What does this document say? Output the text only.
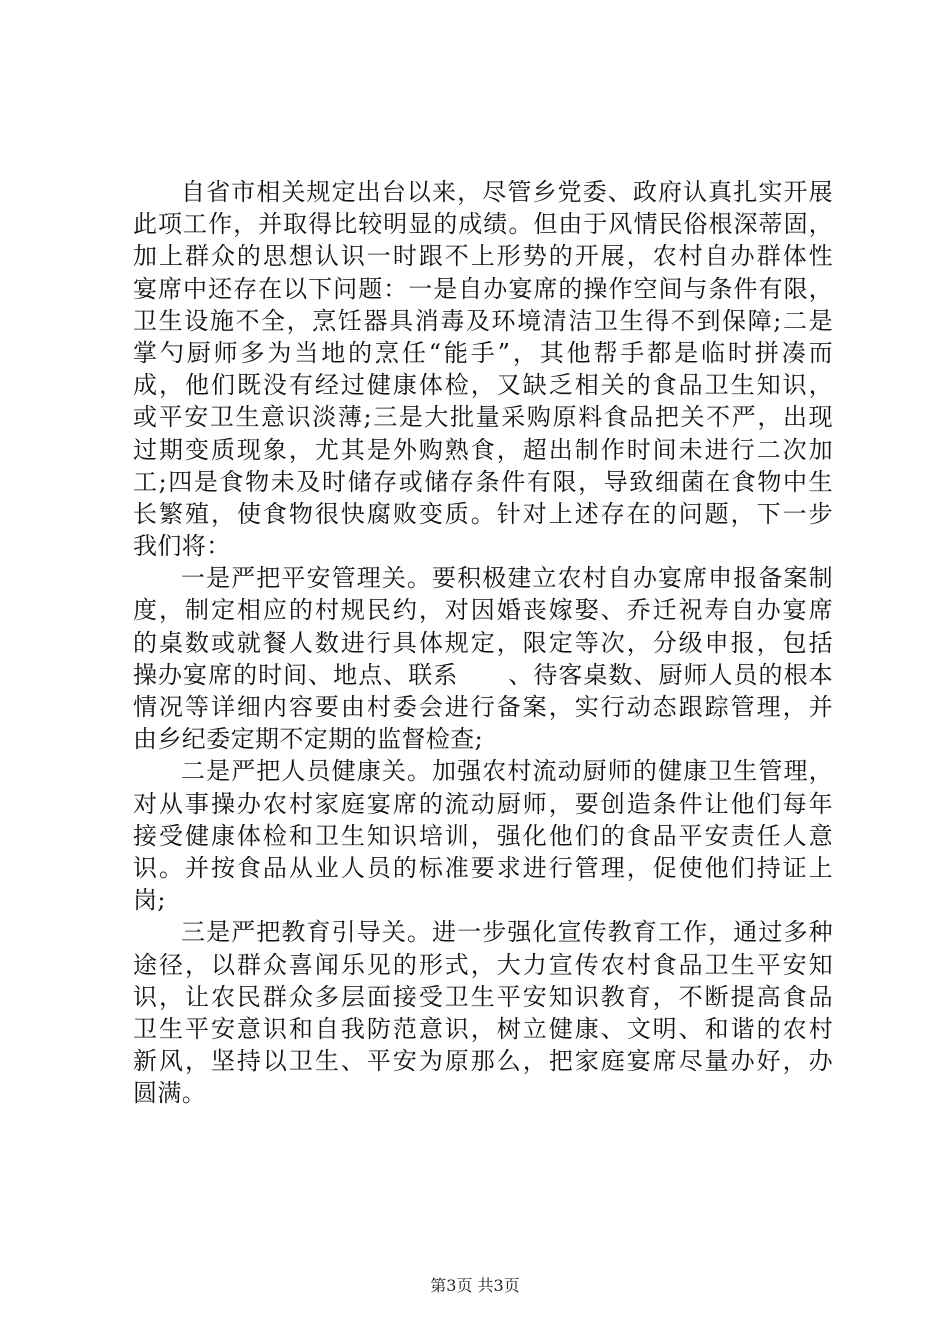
自省市相关规定出台以来，尽管乡党委、政府认真扎实开展
此项工作，并取得比较明显的成绩。但由于风情民俗根深蒂固，
加上群众的思想认识一时跟不上形势的开展，农村自办群体性
宴席中还存在以下问题：一是自办宴席的操作空间与条件有限，
卫生设施不全，烹饪器具消毒及环境清洁卫生得不到保障;二是
掌勺厨师多为当地的烹任“能手”，其他帮手都是临时拼凑而
成，他们既没有经过健康体检，又缺乏相关的食品卫生知识，
或平安卫生意识淡薄;三是大批量采购原料食品把关不严，出现
过期变质现象，尤其是外购熟食，超出制作时间未进行二次加
工;四是食物未及时储存或储存条件有限，导致细菌在食物中生
长繁殖，使食物很快腐败变质。针对上述存在的问题，下一步
我们将：
一是严把平安管理关。要积极建立农村自办宴席申报备案制
度，制定相应的村规民约，对因婚丧嫁娶、乔迁祝寿自办宴席
的桌数或就餐人数进行具体规定，限定等次，分级申报，包括
操办宴席的时间、地点、联系　　、待客桌数、厨师人员的根本
情况等详细内容要由村委会进行备案，实行动态跟踪管理，并
由乡纪委定期不定期的监督检查;
二是严把人员健康关。加强农村流动厨师的健康卫生管理，
对从事操办农村家庭宴席的流动厨师，要创造条件让他们每年
接受健康体检和卫生知识培训，强化他们的食品平安责任人意
识。并按食品从业人员的标准要求进行管理，促使他们持证上
岗;
三是严把教育引导关。进一步强化宣传教育工作，通过多种
途径，以群众喜闻乐见的形式，大力宣传农村食品卫生平安知
识，让农民群众多层面接受卫生平安知识教育，不断提高食品
卫生平安意识和自我防范意识，树立健康、文明、和谐的农村
新风，坚持以卫生、平安为原那么，把家庭宴席尽量办好，办
圆满。
第3页 共3页
